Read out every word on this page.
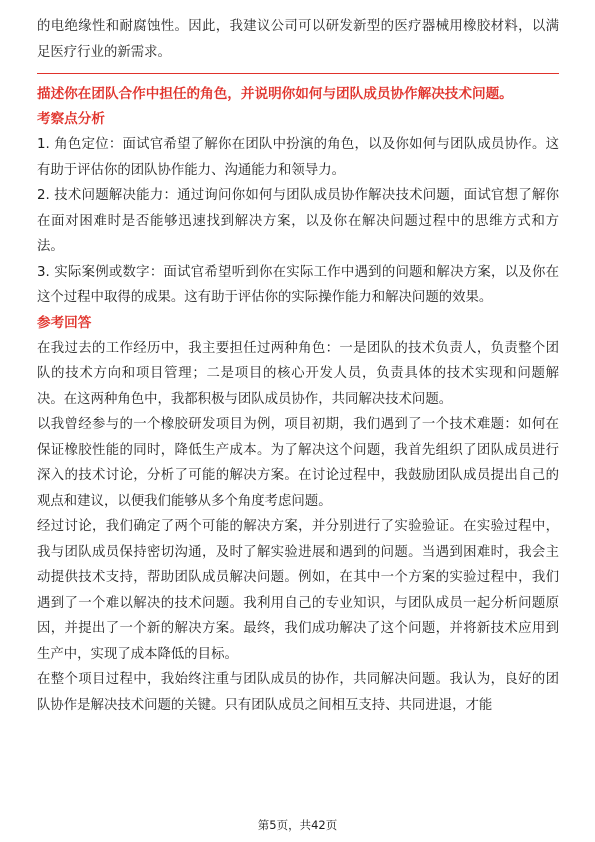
的电绝缘性和耐腐蚀性。因此，我建议公司可以研发新型的医疗器械用橡胶材料，以满足医疗行业的新需求。

描述你在团队合作中担任的角色，并说明你如何与团队成员协作解决技术问题。
考察点分析

1. 角色定位：面试官希望了解你在团队中扮演的角色，以及你如何与团队成员协作。这有助于评估你的团队协作能力、沟通能力和领导力。

2. 技术问题解决能力：通过询问你如何与团队成员协作解决技术问题，面试官想了解你在面对困难时是否能够迅速找到解决方案，以及你在解决问题过程中的思维方式和方法。

3. 实际案例或数字：面试官希望听到你在实际工作中遇到的问题和解决方案，以及你在这个过程中取得的成果。这有助于评估你的实际操作能力和解决问题的效果。

参考回答

在我过去的工作经历中，我主要担任过两种角色：一是团队的技术负责人，负责整个团队的技术方向和项目管理；二是项目的核心开发人员，负责具体的技术实现和问题解决。在这两种角色中，我都积极与团队成员协作，共同解决技术问题。

以我曾经参与的一个橡胶研发项目为例，项目初期，我们遇到了一个技术难题：如何在保证橡胶性能的同时，降低生产成本。为了解决这个问题，我首先组织了团队成员进行深入的技术讨论，分析了可能的解决方案。在讨论过程中，我鼓励团队成员提出自己的观点和建议，以便我们能够从多个角度考虑问题。

经过讨论，我们确定了两个可能的解决方案，并分别进行了实验验证。在实验过程中，我与团队成员保持密切沟通，及时了解实验进展和遇到的问题。当遇到困难时，我会主动提供技术支持，帮助团队成员解决问题。例如，在其中一个方案的实验过程中，我们遇到了一个难以解决的技术问题。我利用自己的专业知识，与团队成员一起分析问题原因，并提出了一个新的解决方案。最终，我们成功解决了这个问题，并将新技术应用到生产中，实现了成本降低的目标。

在整个项目过程中，我始终注重与团队成员的协作，共同解决问题。我认为，良好的团队协作是解决技术问题的关键。只有团队成员之间相互支持、共同进退，才能

第5页，共42页
